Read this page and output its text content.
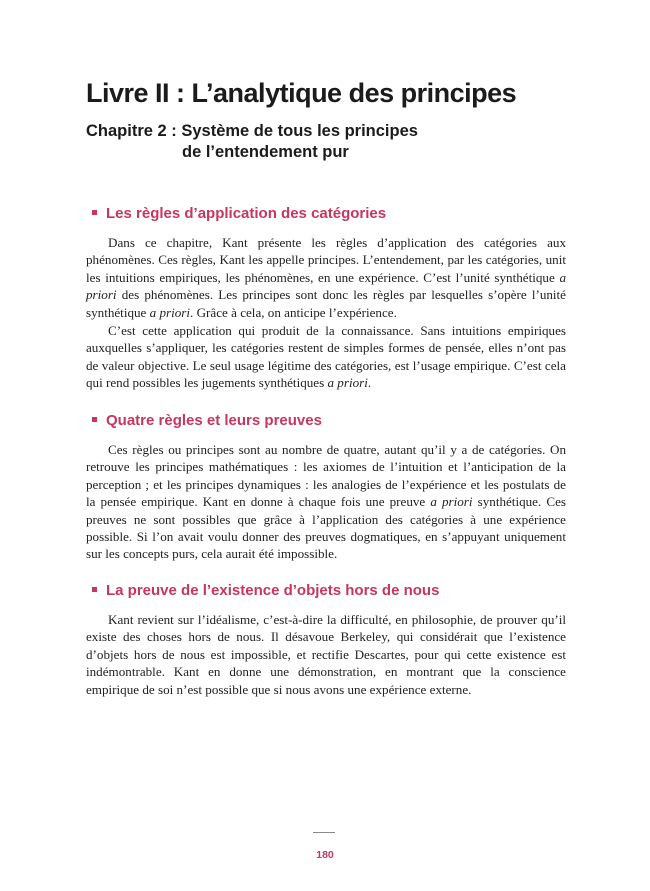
Livre II : L’analytique des principes
Chapitre 2 : Système de tous les principes
de l’entendement pur
Les règles d’application des catégories

Dans ce chapitre, Kant présente les règles d’application des catégories aux phénomènes. Ces règles, Kant les appelle principes. L’entendement, par les catégories, unit les intuitions empiriques, les phénomènes, en une expérience. C’est l’unité synthétique a priori des phénomènes. Les principes sont donc les règles par lesquelles s’opère l’unité synthétique a priori. Grâce à cela, on anticipe l’expérience.

C’est cette application qui produit de la connaissance. Sans intuitions empiriques auxquelles s’appliquer, les catégories restent de simples formes de pensée, elles n’ont pas de valeur objective. Le seul usage légitime des catégories, est l’usage empirique. C’est cela qui rend possibles les jugements synthétiques a priori.

Quatre règles et leurs preuves

Ces règles ou principes sont au nombre de quatre, autant qu’il y a de catégories. On retrouve les principes mathématiques : les axiomes de l’intuition et l’anticipation de la perception ; et les principes dynamiques : les analogies de l’expérience et les postulats de la pensée empirique. Kant en donne à chaque fois une preuve a priori synthétique. Ces preuves ne sont possibles que grâce à l’application des catégories à une expérience possible. Si l’on avait voulu donner des preuves dogmatiques, en s’appuyant uniquement sur les concepts purs, cela aurait été impossible.

La preuve de l’existence d’objets hors de nous

Kant revient sur l’idéalisme, c’est-à-dire la difficulté, en philosophie, de prouver qu’il existe des choses hors de nous. Il désavoue Berkeley, qui considérait que l’existence d’objets hors de nous est impossible, et rectifie Descartes, pour qui cette existence est indémontrable. Kant en donne une démonstration, en montrant que la conscience empirique de soi n’est possible que si nous avons une expérience externe.

180
